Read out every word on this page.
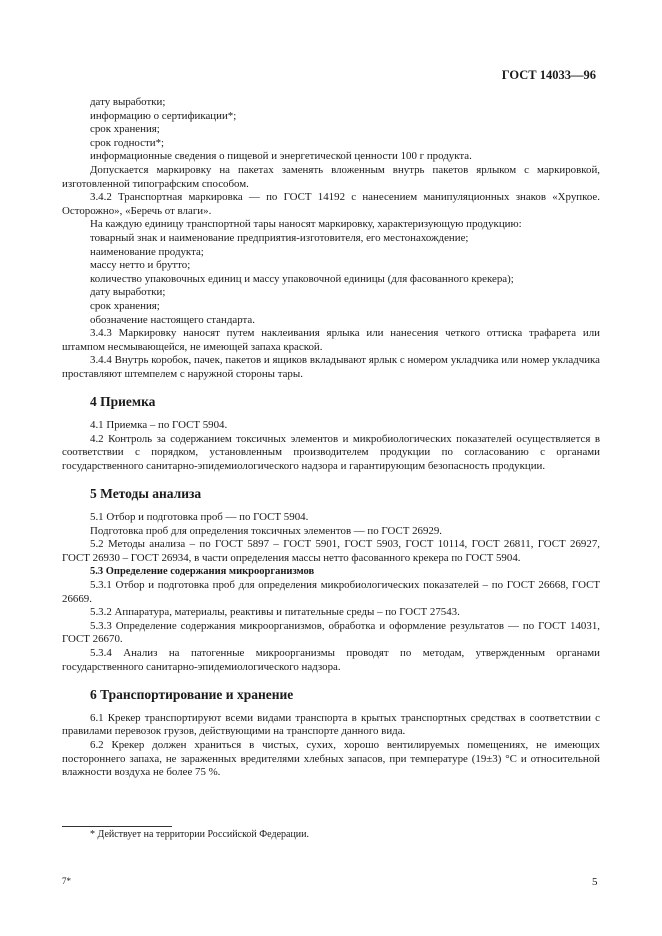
ГОСТ 14033—96

дату выработки;

информацию о сертификации*;

срок хранения;

срок годности*;

информационные сведения о пищевой и энергетической ценности 100 г продукта.

Допускается маркировку на пакетах заменять вложенным внутрь пакетов ярлыком с маркировкой, изготовленной типографским способом.

3.4.2 Транспортная маркировка — по ГОСТ 14192 с нанесением манипуляционных знаков «Хрупкое. Осторожно», «Беречь от влаги».

На каждую единицу транспортной тары наносят маркировку, характеризующую продукцию:

товарный знак и наименование предприятия-изготовителя, его местонахождение;

наименование продукта;

массу нетто и брутто;

количество упаковочных единиц и массу упаковочной единицы (для фасованного крекера);

дату выработки;

срок хранения;

обозначение настоящего стандарта.

3.4.3 Маркировку наносят путем наклеивания ярлыка или нанесения четкого оттиска трафарета или штампом несмывающейся, не имеющей запаха краской.

3.4.4 Внутрь коробок, пачек, пакетов и ящиков вкладывают ярлык с номером укладчика или номер укладчика проставляют штемпелем с наружной стороны тары.

4 Приемка

4.1 Приемка – по ГОСТ 5904.

4.2 Контроль за содержанием токсичных элементов и микробиологических показателей осуществляется в соответствии с порядком, установленным производителем продукции по согласованию с органами государственного санитарно-эпидемиологического надзора и гарантирующим безопасность продукции.

5 Методы анализа

5.1 Отбор и подготовка проб — по ГОСТ 5904.

Подготовка проб для определения токсичных элементов — по ГОСТ 26929.

5.2 Методы анализа – по ГОСТ 5897 – ГОСТ 5901, ГОСТ 5903, ГОСТ 10114, ГОСТ 26811, ГОСТ 26927, ГОСТ 26930 – ГОСТ 26934, в части определения массы нетто фасованного крекера по ГОСТ 5904.

5.3 Определение содержания микроорганизмов

5.3.1 Отбор и подготовка проб для определения микробиологических показателей – по ГОСТ 26668, ГОСТ 26669.

5.3.2 Аппаратура, материалы, реактивы и питательные среды – по ГОСТ 27543.

5.3.3 Определение содержания микроорганизмов, обработка и оформление результатов — по ГОСТ 14031, ГОСТ 26670.

5.3.4 Анализ на патогенные микроорганизмы проводят по методам, утвержденным органами государственного санитарно-эпидемиологического надзора.

6 Транспортирование и хранение

6.1 Крекер транспортируют всеми видами транспорта в крытых транспортных средствах в соответствии с правилами перевозок грузов, действующими на транспорте данного вида.

6.2 Крекер должен храниться в чистых, сухих, хорошо вентилируемых помещениях, не имеющих постороннего запаха, не зараженных вредителями хлебных запасов, при температуре (19±3) °С и относительной влажности воздуха не более 75 %.

* Действует на территории Российской Федерации.
7*	5
